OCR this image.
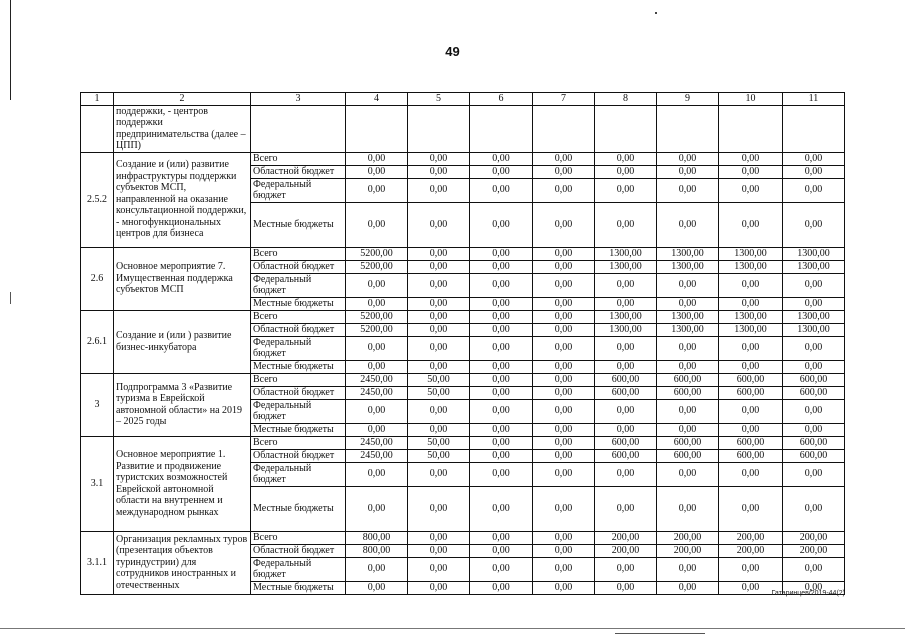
49
1	2	3	4	5	6	7	8	9	10	11
	поддержки, - центров поддержки предпринимательства (далее – ЦПП)									
2.5.2	Создание и (или) развитие инфраструктуры поддержки субъектов МСП, направленной на оказание консультационной поддержки, - многофункциональных центров для бизнеса	Всего	0,00	0,00	0,00	0,00	0,00	0,00	0,00	0,00
		Областной бюджет	0,00	0,00	0,00	0,00	0,00	0,00	0,00	0,00
		Федеральный бюджет	0,00	0,00	0,00	0,00	0,00	0,00	0,00	0,00
		Местные бюджеты	0,00	0,00	0,00	0,00	0,00	0,00	0,00	0,00
2.6	Основное мероприятие 7. Имущественная поддержка субъектов МСП	Всего	5200,00	0,00	0,00	0,00	1300,00	1300,00	1300,00	1300,00
		Областной бюджет	5200,00	0,00	0,00	0,00	1300,00	1300,00	1300,00	1300,00
		Федеральный бюджет	0,00	0,00	0,00	0,00	0,00	0,00	0,00	0,00
		Местные бюджеты	0,00	0,00	0,00	0,00	0,00	0,00	0,00	0,00
2.6.1	Создание и (или ) развитие бизнес-инкубатора	Всего	5200,00	0,00	0,00	0,00	1300,00	1300,00	1300,00	1300,00
		Областной бюджет	5200,00	0,00	0,00	0,00	1300,00	1300,00	1300,00	1300,00
		Федеральный бюджет	0,00	0,00	0,00	0,00	0,00	0,00	0,00	0,00
		Местные бюджеты	0,00	0,00	0,00	0,00	0,00	0,00	0,00	0,00
3	Подпрограмма 3 «Развитие туризма в Еврейской автономной области» на 2019 – 2025 годы	Всего	2450,00	50,00	0,00	0,00	600,00	600,00	600,00	600,00
		Областной бюджет	2450,00	50,00	0,00	0,00	600,00	600,00	600,00	600,00
		Федеральный бюджет	0,00	0,00	0,00	0,00	0,00	0,00	0,00	0,00
		Местные бюджеты	0,00	0,00	0,00	0,00	0,00	0,00	0,00	0,00
3.1	Основное мероприятие 1. Развитие и продвижение туристских возможностей Еврейской автономной области на внутреннем и международном рынках	Всего	2450,00	50,00	0,00	0,00	600,00	600,00	600,00	600,00
		Областной бюджет	2450,00	50,00	0,00	0,00	600,00	600,00	600,00	600,00
		Федеральный бюджет	0,00	0,00	0,00	0,00	0,00	0,00	0,00	0,00
		Местные бюджеты	0,00	0,00	0,00	0,00	0,00	0,00	0,00	0,00
3.1.1	Организация рекламных туров (презентация объектов туриндустрии) для сотрудников иностранных и отечественных	Всего	800,00	0,00	0,00	0,00	200,00	200,00	200,00	200,00
		Областной бюджет	800,00	0,00	0,00	0,00	200,00	200,00	200,00	200,00
		Федеральный бюджет	0,00	0,00	0,00	0,00	0,00	0,00	0,00	0,00
		Местные бюджеты	0,00	0,00	0,00	0,00	0,00	0,00	0,00	0,00
Гатаринцев/2019-44(2)
